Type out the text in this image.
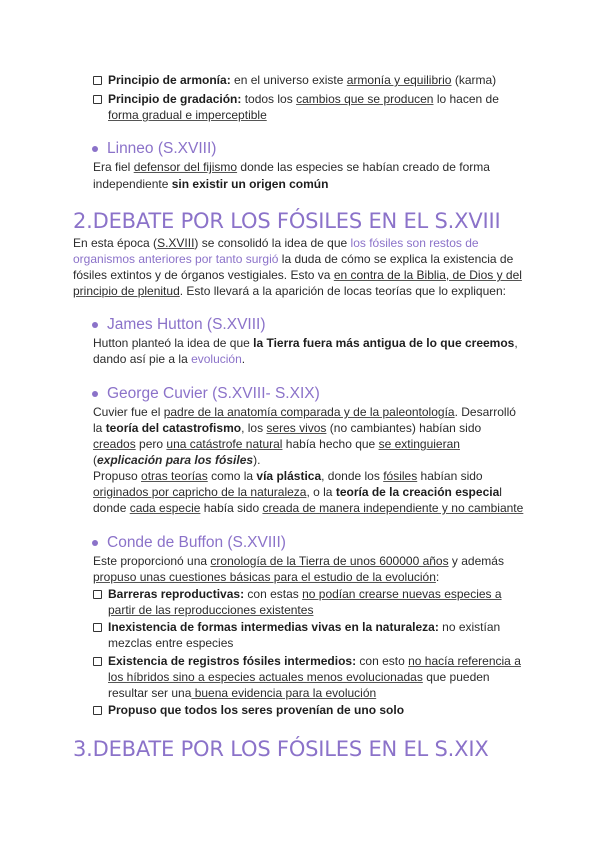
Principio de armonía: en el universo existe armonía y equilibrio (karma)
Principio de gradación: todos los cambios que se producen lo hacen de
forma gradual e imperceptible
Linneo (S.XVIII)
Era fiel defensor del fijismo donde las especies se habían creado de forma
independiente sin existir un origen común
2.DEBATE POR LOS FÓSILES EN EL S.XVIII
En esta época (S.XVIII) se consolidó la idea de que los fósiles son restos de
organismos anteriores por tanto surgió la duda de cómo se explica la existencia de
fósiles extintos y de órganos vestigiales. Esto va en contra de la Biblia, de Dios y del
principio de plenitud. Esto llevará a la aparición de locas teorías que lo expliquen:
James Hutton (S.XVIII)
Hutton planteó la idea de que la Tierra fuera más antigua de lo que creemos,
dando así pie a la evolución.
George Cuvier (S.XVIII- S.XIX)
Cuvier fue el padre de la anatomía comparada y de la paleontología. Desarrolló
la teoría del catastrofismo, los seres vivos (no cambiantes) habían sido
creados pero una catástrofe natural había hecho que se extinguieran
(explicación para los fósiles).
Propuso otras teorías como la vía plástica, donde los fósiles habían sido
originados por capricho de la naturaleza, o la teoría de la creación especial
donde cada especie había sido creada de manera independiente y no cambiante
Conde de Buffon (S.XVIII)
Este proporcionó una cronología de la Tierra de unos 600000 años y además
propuso unas cuestiones básicas para el estudio de la evolución:
Barreras reproductivas: con estas no podían crearse nuevas especies a
partir de las reproducciones existentes
Inexistencia de formas intermedias vivas en la naturaleza: no existían
mezclas entre especies
Existencia de registros fósiles intermedios: con esto no hacía referencia a
los híbridos sino a especies actuales menos evolucionadas que pueden
resultar ser una buena evidencia para la evolución
Propuso que todos los seres provenían de uno solo
3.DEBATE POR LOS FÓSILES EN EL S.XIX
